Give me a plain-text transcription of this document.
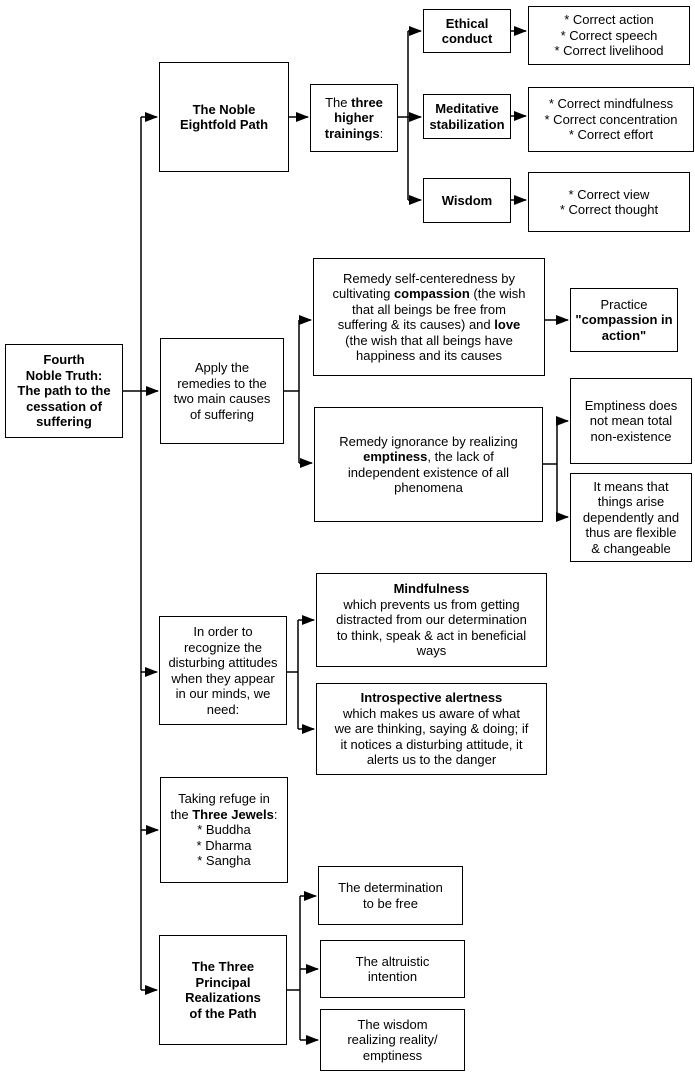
Fourth
Noble Truth:
The path to the
cessation of
suffering
The Noble
Eightfold Path
The three
higher
trainings:
Ethical
conduct
* Correct action
* Correct speech
* Correct livelihood
Meditative
stabilization
* Correct mindfulness
* Correct concentration
* Correct effort
Wisdom	* Correct view
* Correct thought
Apply the
remedies to the
two main causes
of suffering
Remedy self-centeredness by
cultivating compassion (the wish
that all beings be free from
suffering & its causes) and love
(the wish that all beings have
happiness and its causes
Practice
"compassion in
action"
Remedy ignorance by realizing
emptiness, the lack of
independent existence of all
phenomena
Emptiness does
not mean total
non-existence
It means that
things arise
dependently and
thus are flexible
& changeable
In order to
recognize the
disturbing attitudes
when they appear
in our minds, we
need:
Mindfulness
which prevents us from getting
distracted from our determination
to think, speak & act in beneficial
ways
Introspective alertness
which makes us aware of what
we are thinking, saying & doing; if
it notices a disturbing attitude, it
alerts us to the danger
Taking refuge in
the Three Jewels:
* Buddha
* Dharma
* Sangha
The Three
Principal
Realizations
of the Path
The determination
to be free
The altruistic
intention
The wisdom
realizing reality/
emptiness
